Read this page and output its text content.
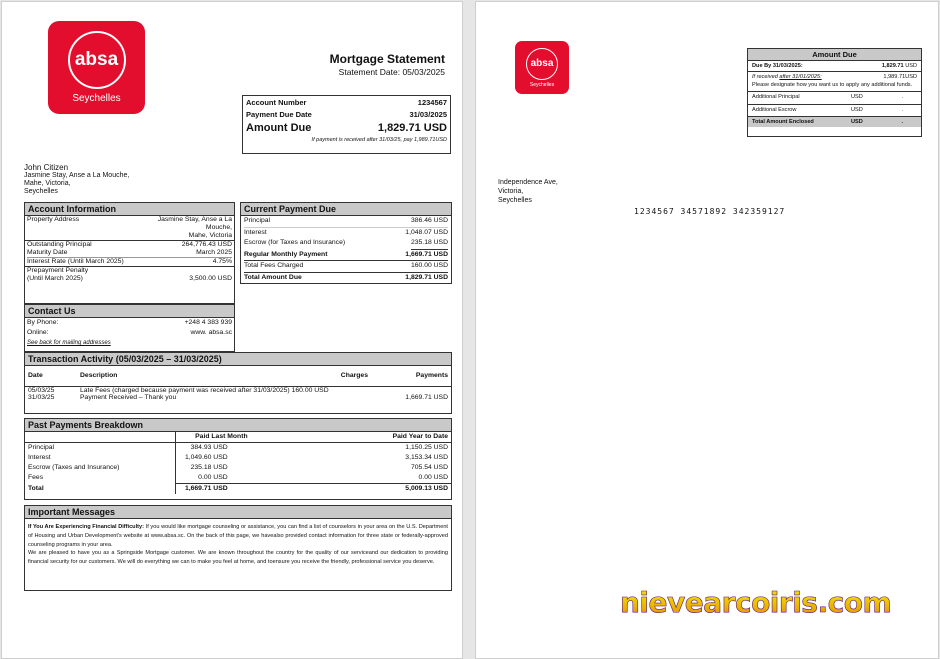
absa
Seychelles
Mortgage Statement
Statement Date: 05/03/2025
Account Number	1234567
Payment Due Date	31/03/2025
Amount Due	1,829.71 USD
If payment is received after 31/03/25, pay 1,989.71USD
John Citizen
Jasmine Stay, Anse a La Mouche,
Mahe, Victoria,
Seychelles
Account Information
Property Address	Jasmine Stay, Anse a La
Mouche,
Mahe, Victoria
Outstanding Principal	264,776.43 USD
Maturity Date	March 2025
Interest Rate (Until March 2025)	4.75%
Prepayment Penalty
(Until March 2025)	3,500.00 USD
Current Payment Due
Principal	386.46 USD
Interest	1,048.07 USD
Escrow (for Taxes and Insurance)	235.18 USD
Regular Monthly Payment	1,669.71 USD
Total Fees Charged	160.00 USD
Total Amount Due	1,829.71 USD
Contact Us
By Phone:	+248 4 383 939
Online:	www. absa.sc
See back for mailing addresses
Transaction Activity (05/03/2025 – 31/03/2025)
Date	Description	Charges	Payments
05/03/25	Late Fees (charged because payment was received after 31/03/2025) 160.00 USD		
31/03/25	Payment Received – Thank you		1,669.71 USD
Past Payments Breakdown
	Paid Last Month	Paid Year to Date
Principal	384.93 USD	1,150.25 USD
Interest	1,049.60 USD	3,153.34 USD
Escrow (Taxes and Insurance)	235.18 USD	705.54 USD
Fees	0.00 USD	0.00 USD
Total	1,669.71 USD	5,009.13 USD
Important Messages
If You Are Experiencing Financial Difficulty: If you would like mortgage counseling or assistance, you can find a list of counselors in your area on the U.S. Department of Housing and Urban Development's website at www.absa.sc. On the back of this page, we havealso provided contact information for three state or federally-approved counseling programs in your area.
We are pleased to have you as a Springside Mortgage customer. We are known throughout the country for the quality of our serviceand our dedication to providing financial security for our customers. We will do everything we can to make you feel at home, and toensure you receive the friendly, professional service you deserve.
absa
Seychelles
Amount Due
Due By 31/03/2025:	1,829.71 USD
If received after 31/01/2025:	1,989.71USD
Please designate how you want us to apply any additional funds.
Additional Principal	USD	.
Additional Escrow	USD	.
Total Amount Enclosed	USD	.
Independence Ave,
Victoria,
Seychelles
1234567 34571892 342359127
nievearcoiris.com
